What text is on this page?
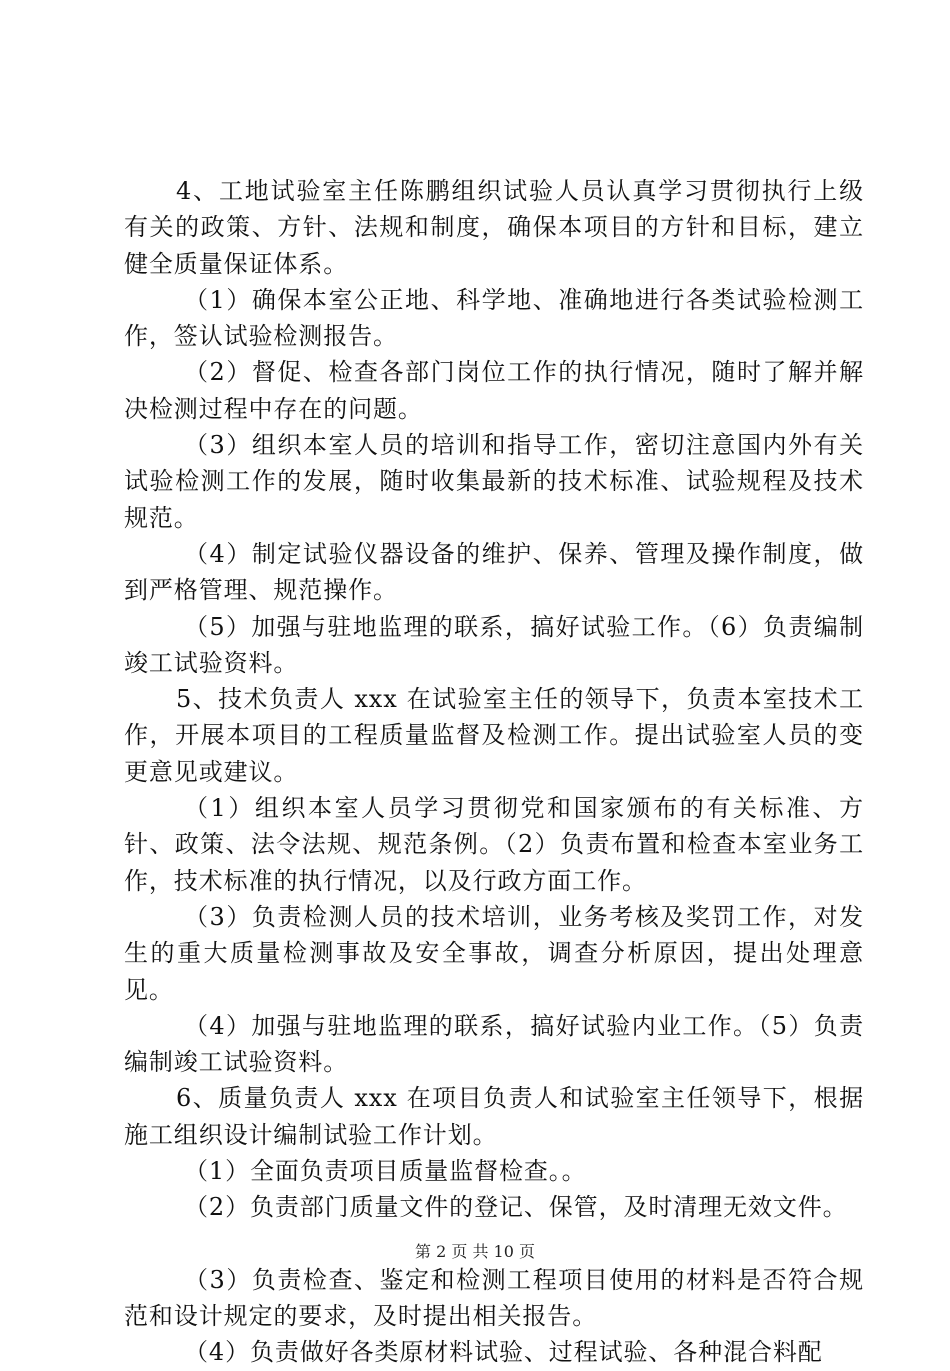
4、工地试验室主任陈鹏组织试验人员认真学习贯彻执行上级有关的政策、方针、法规和制度，确保本项目的方针和目标，建立健全质量保证体系。

（1）确保本室公正地、科学地、准确地进行各类试验检测工作，签认试验检测报告。

（2）督促、检查各部门岗位工作的执行情况，随时了解并解决检测过程中存在的问题。

（3）组织本室人员的培训和指导工作，密切注意国内外有关试验检测工作的发展，随时收集最新的技术标准、试验规程及技术规范。

（4）制定试验仪器设备的维护、保养、管理及操作制度，做到严格管理、规范操作。

（5）加强与驻地监理的联系，搞好试验工作。（6）负责编制竣工试验资料。

5、技术负责人 xxx 在试验室主任的领导下，负责本室技术工作，开展本项目的工程质量监督及检测工作。提出试验室人员的变更意见或建议。

（1）组织本室人员学习贯彻党和国家颁布的有关标准、方针、政策、法令法规、规范条例。（2）负责布置和检查本室业务工作，技术标准的执行情况，以及行政方面工作。

（3）负责检测人员的技术培训，业务考核及奖罚工作，对发生的重大质量检测事故及安全事故，调查分析原因，提出处理意见。

（4）加强与驻地监理的联系，搞好试验内业工作。（5）负责编制竣工试验资料。

6、质量负责人 xxx 在项目负责人和试验室主任领导下，根据施工组织设计编制试验工作计划。

（1）全面负责项目质量监督检查。。

（2）负责部门质量文件的登记、保管，及时清理无效文件。

（3）负责检查、鉴定和检测工程项目使用的材料是否符合规范和设计规定的要求，及时提出相关报告。

（4）负责做好各类原材料试验、过程试验、各种混合料配

第 2 页 共 10 页
